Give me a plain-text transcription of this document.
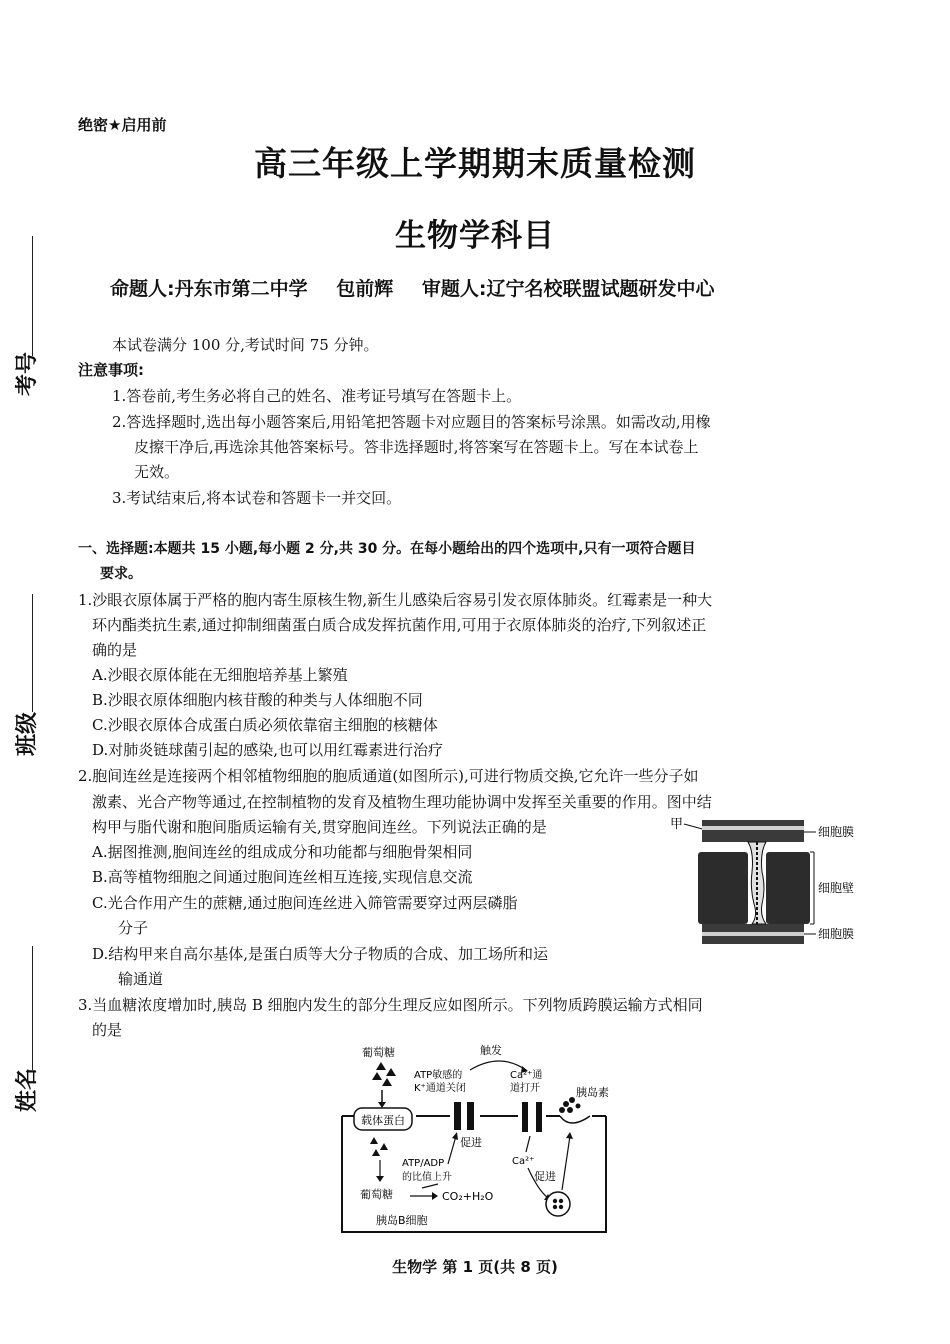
考号
班级
姓名
绝密★启用前
高三年级上学期期末质量检测
生物学科目
命题人:丹东市第二中学 包前辉 审题人:辽宁名校联盟试题研发中心
本试卷满分 100 分,考试时间 75 分钟。
注意事项:
1.答卷前,考生务必将自己的姓名、准考证号填写在答题卡上。
2.答选择题时,选出每小题答案后,用铅笔把答题卡对应题目的答案标号涂黑。如需改动,用橡
皮擦干净后,再选涂其他答案标号。答非选择题时,将答案写在答题卡上。写在本试卷上
无效。
3.考试结束后,将本试卷和答题卡一并交回。
一、选择题:本题共 15 小题,每小题 2 分,共 30 分。在每小题给出的四个选项中,只有一项符合题目
要求。
1.沙眼衣原体属于严格的胞内寄生原核生物,新生儿感染后容易引发衣原体肺炎。红霉素是一种大
环内酯类抗生素,通过抑制细菌蛋白质合成发挥抗菌作用,可用于衣原体肺炎的治疗,下列叙述正
确的是
A.沙眼衣原体能在无细胞培养基上繁殖
B.沙眼衣原体细胞内核苷酸的种类与人体细胞不同
C.沙眼衣原体合成蛋白质必须依靠宿主细胞的核糖体
D.对肺炎链球菌引起的感染,也可以用红霉素进行治疗
2.胞间连丝是连接两个相邻植物细胞的胞质通道(如图所示),可进行物质交换,它允许一些分子如
激素、光合产物等通过,在控制植物的发育及植物生理功能协调中发挥至关重要的作用。图中结
构甲与脂代谢和胞间脂质运输有关,贯穿胞间连丝。下列说法正确的是
A.据图推测,胞间连丝的组成成分和功能都与细胞骨架相同
B.高等植物细胞之间通过胞间连丝相互连接,实现信息交流
C.光合作用产生的蔗糖,通过胞间连丝进入筛管需要穿过两层磷脂
分子
D.结构甲来自高尔基体,是蛋白质等大分子物质的合成、加工场所和运
输通道
甲	细胞膜
细胞壁
细胞膜
3.当血糖浓度增加时,胰岛 B 细胞内发生的部分生理反应如图所示。下列物质跨膜运输方式相同
的是
葡萄糖
载体蛋白
ATP敏感的
K⁺通道关闭
触发
Ca²⁺通
道打开	胰岛素
促进
ATP/ADP
的比值上升
Ca²⁺
促进
葡萄糖	CO₂+H₂O
胰岛B细胞
生物学 第 1 页(共 8 页)
